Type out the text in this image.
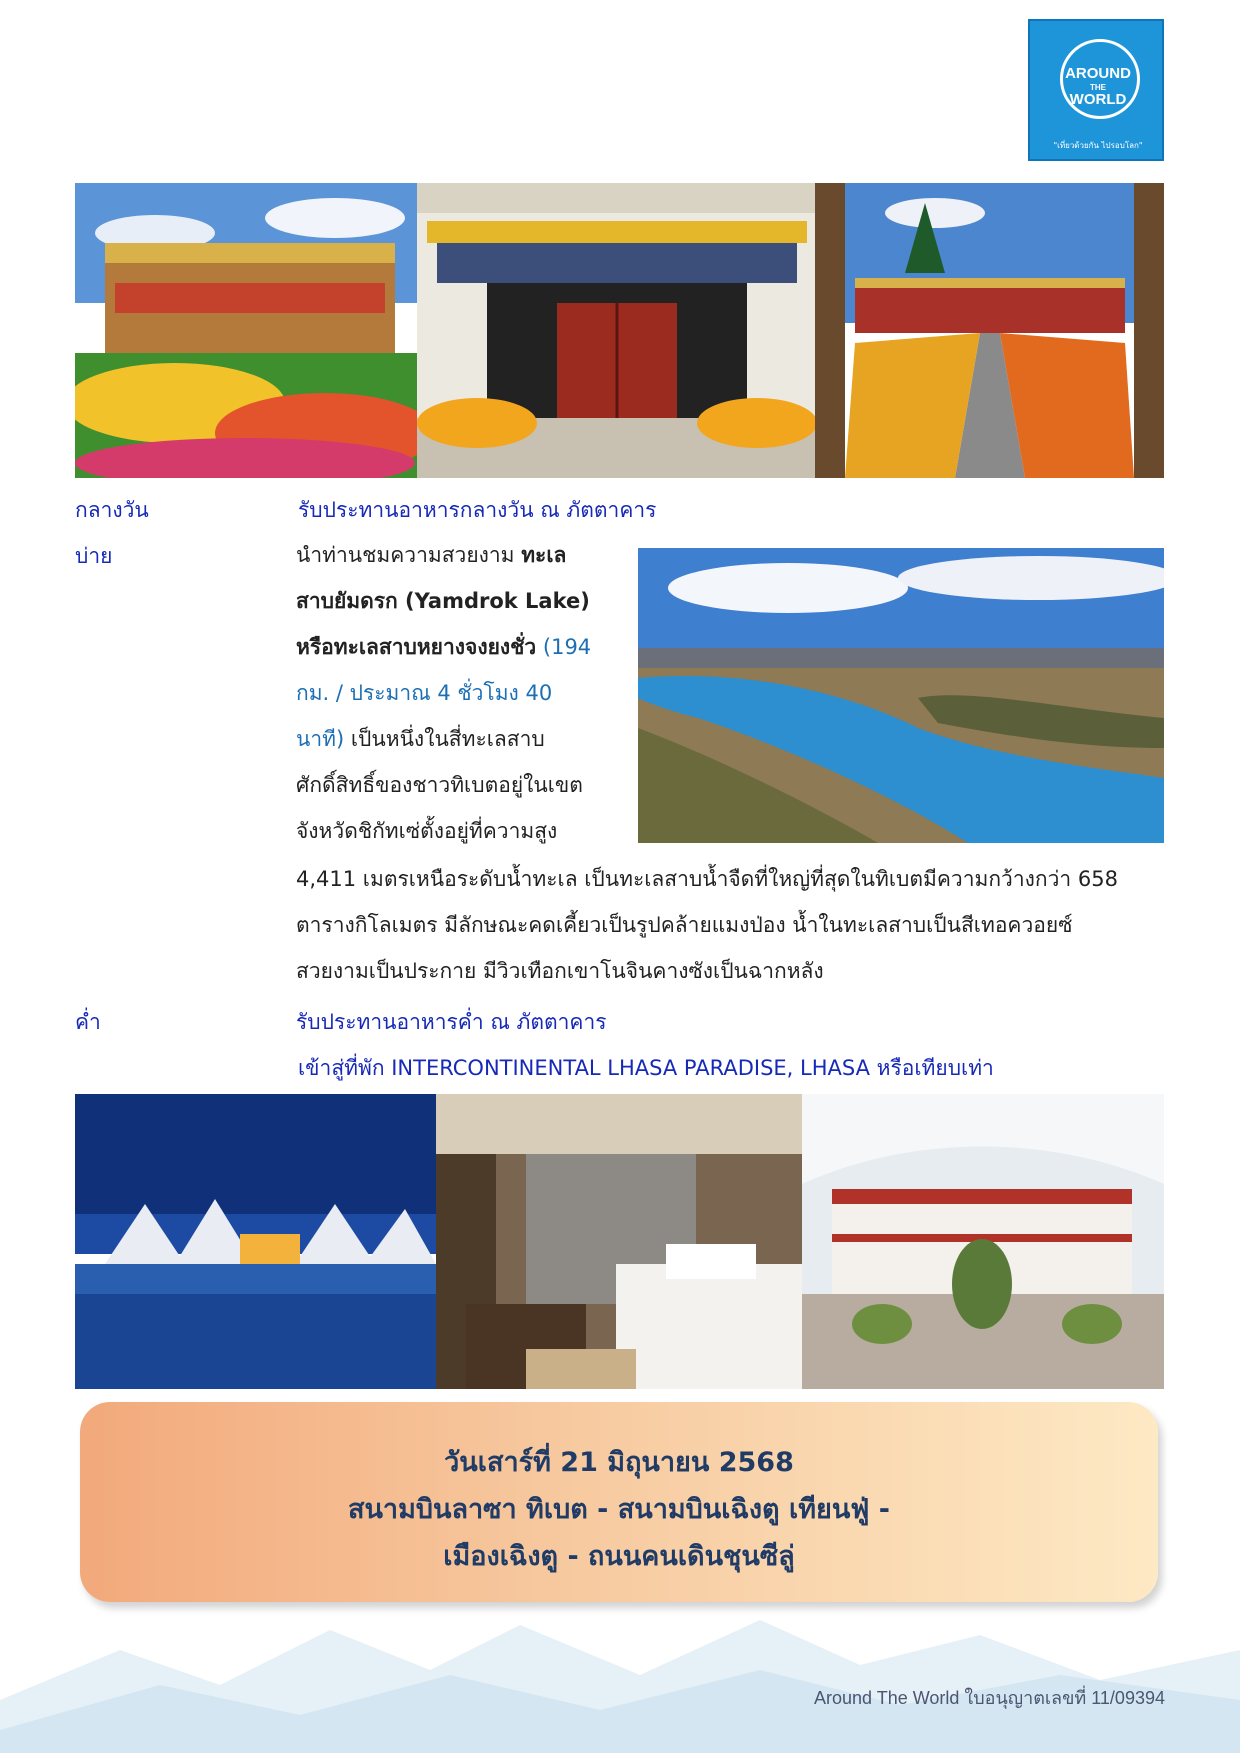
AROUND
THE
WORLD
"เที่ยวด้วยกัน ไปรอบโลก"
กลางวัน	รับประทานอาหารกลางวัน ณ ภัตตาคาร
บ่าย	นำท่านชมความสวยงาม ทะเล
สาบยัมดรก (Yamdrok Lake)
หรือทะเลสาบหยางจงยงชั่ว (194
กม. / ประมาณ 4 ชั่วโมง 40
นาที) เป็นหนึ่งในสี่ทะเลสาบ
ศักดิ์สิทธิ์ของชาวทิเบตอยู่ในเขต
จังหวัดชิกัทเซ่ตั้งอยู่ที่ความสูง
4,411 เมตรเหนือระดับน้ำทะเล เป็นทะเลสาบน้ำจืดที่ใหญ่ที่สุดในทิเบตมีความกว้างกว่า 658
ตารางกิโลเมตร มีลักษณะคดเคี้ยวเป็นรูปคล้ายแมงป่อง น้ำในทะเลสาบเป็นสีเทอควอยซ์
สวยงามเป็นประกาย มีวิวเทือกเขาโนจินคางซังเป็นฉากหลัง
ค่ำ	รับประทานอาหารค่ำ ณ ภัตตาคาร
เข้าสู่ที่พัก INTERCONTINENTAL LHASA PARADISE, LHASA หรือเทียบเท่า
วันเสาร์ที่ 21 มิถุนายน 2568
สนามบินลาซา ทิเบต - สนามบินเฉิงตู เทียนฟู่ -
เมืองเฉิงตู - ถนนคนเดินชุนซีลู่
Around The World ใบอนุญาตเลขที่ 11/09394
